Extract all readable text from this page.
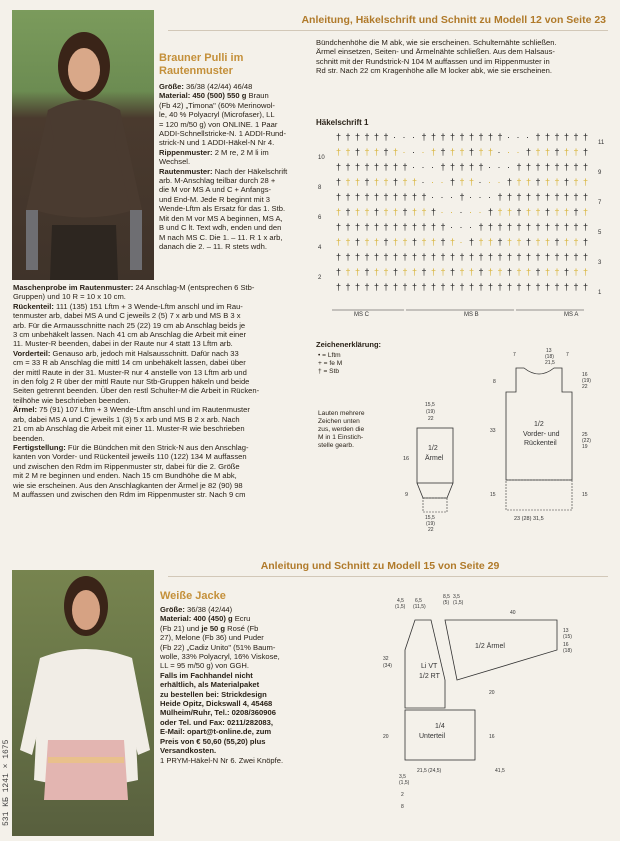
531 КБ 1241 × 1675
Anleitung, Häkelschrift und Schnitt zu Modell 12 von Seite 23
Brauner Pulli im
Rautenmuster
Größe: 36/38 (42/44) 46/48
Material: 450 (500) 550 g Braun
(Fb 42) „Timona" (60% Merinowol-
le, 40 % Polyacryl (Microfaser), LL
= 120 m/50 g) von ONLINE. 1 Paar
ADDI-Schnellstricke-N. 1 ADDI-Rund-
strick-N und 1 ADDI-Häkel-N Nr 4.
Rippenmuster: 2 M re, 2 M li im
Wechsel.
Rautenmuster: Nach der Häkelschrift
arb. M-Anschlag teilbar durch 28 +
die M vor MS A und C + Anfangs-
und End-M. Jede R beginnt mit 3
Wende-Lftm als Ersatz für das 1. Stb.
Mit den M vor MS A beginnen, MS A,
B und C lt. Text wdh, enden und den
M nach MS C. Die 1. – 11. R 1 x arb,
danach die 2. – 11. R stets wdh.
Maschenprobe im Rautenmuster: 24 Anschlag-M (entsprechen 6 Stb-
Gruppen) und 10 R = 10 x 10 cm.
Rückenteil: 111 (135) 151 Lftm + 3 Wende-Lftm anschl und im Rau-
tenmuster arb, dabei MS A und C jeweils 2 (5) 7 x arb und MS B 3 x
arb. Für die Armausschnitte nach 25 (22) 19 cm ab Anschlag beids je
3 cm unbehäkelt lassen. Nach 41 cm ab Anschlag die Arbeit mit einer
11. Muster-R beenden, dabei in der Raute nur 4 statt 13 Lftm arb.
Vorderteil: Genauso arb, jedoch mit Halsausschnitt. Dafür nach 33
cm = 33 R ab Anschlag die mittl 14 cm unbehäkelt lassen, dabei über
der mittl Raute in der 31. Muster-R nur 4 anstelle von 13 Lftm arb und
in den folg 2 R über der mittl Raute nur Stb-Gruppen häkeln und beide
Seiten getrennt beenden. Über den restl Schulter-M die Arbeit in Rücken-
teilhöhe wie beschrieben beenden.
Ärmel: 75 (91) 107 Lftm + 3 Wende-Lftm anschl und im Rautenmuster
arb, dabei MS A und C jeweils 1 (3) 5 x arb und MS B 2 x arb. Nach
21 cm ab Anschlag die Arbeit mit einer 11. Muster-R wie beschrieben
beenden.
Fertigstellung: Für die Bündchen mit den Strick-N aus den Anschlag-
kanten von Vorder- und Rückenteil jeweils 110 (122) 134 M auffassen
und zwischen den Rdm im Rippenmuster str, dabei für die 2. Größe
mit 2 M re beginnen und enden. Nach 15 cm Bundhöhe die M abk,
wie sie erscheinen. Aus den Anschlagkanten der Ärmel je 82 (90) 98
M auffassen und zwischen den Rdm im Rippenmuster str. Nach 9 cm
Bündchenhöhe die M abk, wie sie erscheinen. Schulternähte schließen.
Ärmel einsetzen, Seiten- und Ärmelnähte schließen. Aus dem Halsaus-
schnitt mit der Rundstrick-N 104 M auffassen und im Rippenmuster in
Rd str. Nach 22 cm Kragenhöhe alle M locker abk, wie sie erscheinen.
Häkelschrift 1
† † † † † † · · · † † † † † † † † † · · · † † † † † †
† † † † † † † · · · † † † † † † † · · · † † † † † † †
† † † † † † † † · · · † † † † † · · · † † † † † † † †
† † † † † † † † † · · · † † † · · · † † † † † † † † †
† † † † † † † † † † · · · † · · · † † † † † † † † † †
† † † † † † † † † † † · · · · · † † † † † † † † † † †
† † † † † † † † † † † † · · · † † † † † † † † † † † †
† † † † † † † † † † † † † · † † † † † † † † † † † † †
† † † † † † † † † † † † † † † † † † † † † † † † † † †
† † † † † † † † † † † † † † † † † † † † † † † † † † †
† † † † † † † † † † † † † † † † † † † † † † † † † † †
11
9
7
5
3
1
10
8
6
4
2
MS C	MS B	MS A
Zeichenerklärung:
• = Lftm
+ = fe M
† = Stb
Lauten mehrere
Zeichen unten
zus, werden die
M in 1 Einstich-
stelle gearb.	1/2
Ärmel
15,5
(19)
22
15,5
(19)
22
16
9
1/2
Vorder- und
Rückenteil
7
13
(18)
21,5
7
8
33
15
16
(19)
22
25
(22)
19
15
23 (28) 31,5
Anleitung und Schnitt zu Modell 15 von Seite 29
Weiße Jacke
Größe: 36/38 (42/44)
Material: 400 (450) g Ecru
(Fb 21) und je 50 g Rosé (Fb
27), Melone (Fb 36) und Puder
(Fb 22) „Cadiz Unito" (51% Baum-
wolle, 33% Polyacryl, 16% Viskose,
LL = 95 m/50 g) von GGH.
Falls im Fachhandel nicht
erhältlich, als Materialpaket
zu bestellen bei: Strickdesign
Heide Opitz, Dickswall 4, 45468
Mülheim/Ruhr, Tel.: 0208/360906
oder Tel. und Fax: 0211/282083,
E-Mail: opart@t-online.de, zum
Preis von € 50,60 (55,20) plus
Versandkosten.
1 PRYM-Häkel-N Nr 6. Zwei Knöpfe.
1/2 Ärmel
Li VT
1/2 RT
1/4
Unterteil
4,5
(1,5)
6,5
(11,5)
8,5
(5)
3,5
(1,5)
40
32
(34)
20
13
(15)
16
(18)
20
16
3,5
(1,5)
21,5 (24,5)	41,5
2
8
